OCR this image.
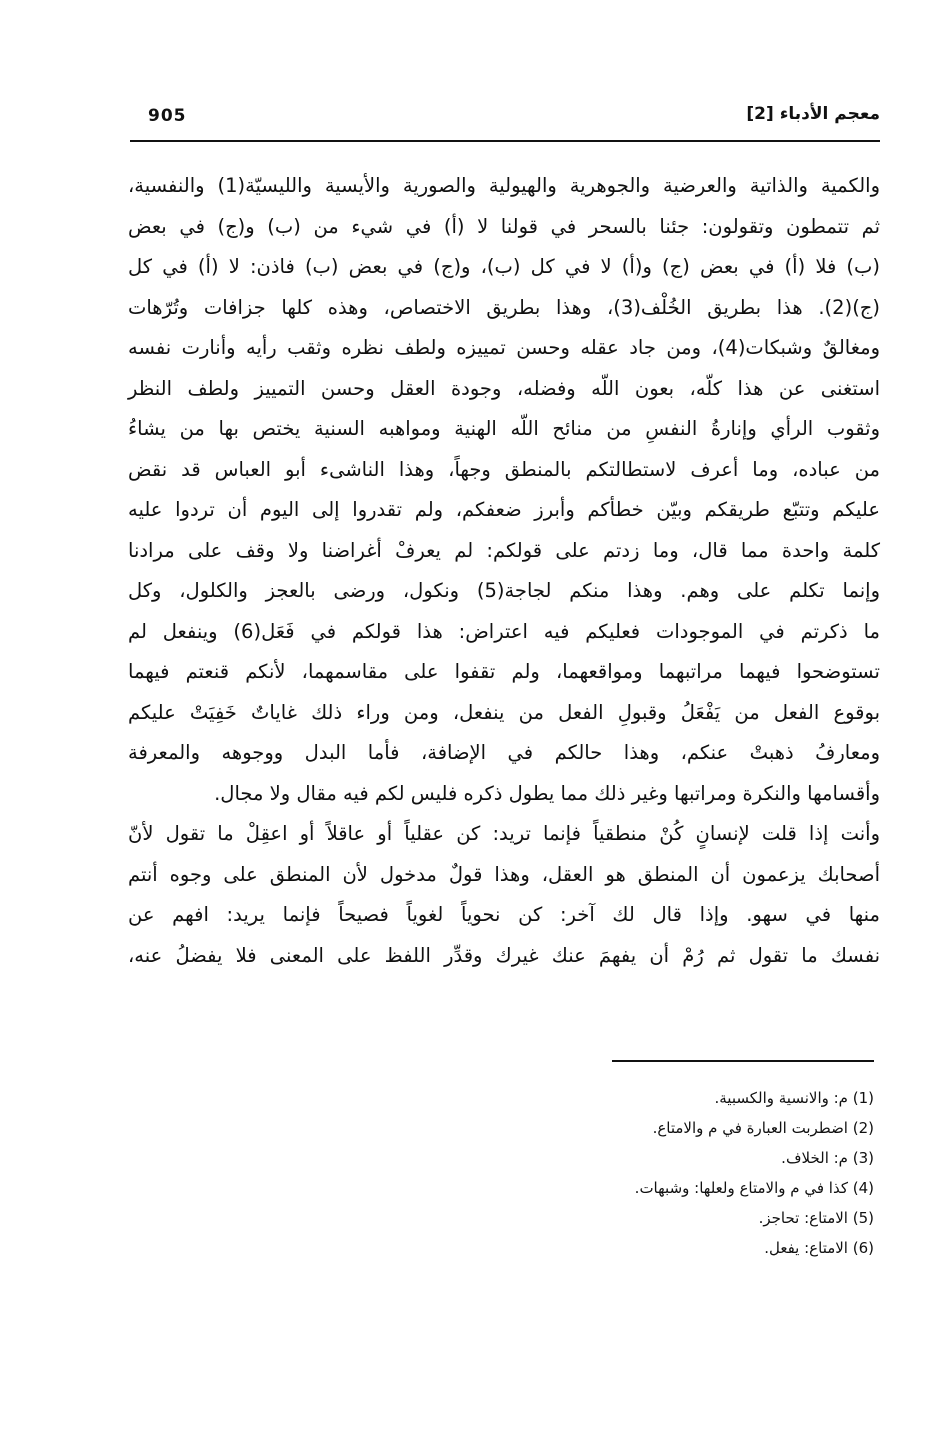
905	معجم الأدباء [2]

والكمية والذاتية والعرضية والجوهرية والهيولية والصورية والأيسية والليسيّة(1) والنفسية،

ثم تتمطون وتقولون: جئنا بالسحر في قولنا لا (أ) في شيء من (ب) و(ج) في بعض

(ب) فلا (أ) في بعض (ج) و(أ) لا في كل (ب)، و(ج) في بعض (ب) فاذن: لا (أ) في كل

(ج)(2). هذا بطريق الخُلْف(3)، وهذا بطريق الاختصاص، وهذه كلها جزافات وتُرّهات

ومغالقٌ وشبكات(4)، ومن جاد عقله وحسن تمييزه ولطف نظره وثقب رأيه وأنارت نفسه

استغنى عن هذا كلّه، بعون اللّه وفضله، وجودة العقل وحسن التمييز ولطف النظر

وثقوب الرأي وإنارةُ النفسِ من منائح اللّه الهنية ومواهبه السنية يختص بها من يشاءُ

من عباده، وما أعرف لاستطالتكم بالمنطق وجهاً، وهذا الناشىء أبو العباس قد نقض

عليكم وتتبّع طريقكم وبيّن خطأكم وأبرز ضعفكم، ولم تقدروا إلى اليوم أن تردوا عليه

كلمة واحدة مما قال، وما زدتم على قولكم: لم يعرفْ أغراضنا ولا وقف على مرادنا

وإنما تكلم على وهم. وهذا منكم لجاجة(5) ونكول، ورضى بالعجز والكلول، وكل

ما ذكرتم في الموجودات فعليكم فيه اعتراض: هذا قولكم في فَعَل(6) وينفعل لم

تستوضحوا فيهما مراتبهما ومواقعهما، ولم تقفوا على مقاسمهما، لأنكم قنعتم فيهما

بوقوع الفعل من يَفْعَلُ وقبولِ الفعل من ينفعل، ومن وراء ذلك غاياتٌ خَفِيَتْ عليكم

ومعارفُ ذهبتْ عنكم، وهذا حالكم في الإضافة، فأما البدل ووجوهه والمعرفة

وأقسامها والنكرة ومراتبها وغير ذلك مما يطول ذكره فليس لكم فيه مقال ولا مجال.

وأنت إذا قلت لإنسانٍ كُنْ منطقياً فإنما تريد: كن عقلياً أو عاقلاً أو اعقِلْ ما تقول لأنّ

أصحابك يزعمون أن المنطق هو العقل، وهذا قولٌ مدخول لأن المنطق على وجوه أنتم

منها في سهو. وإذا قال لك آخر: كن نحوياً لغوياً فصيحاً فإنما يريد: افهم عن

نفسك ما تقول ثم رُمْ أن يفهمَ عنك غيرك وقدِّر اللفظ على المعنى فلا يفضلُ عنه،

(1) م: والانسية والكسبية.

(2) اضطربت العبارة في م والامتاع.

(3) م: الخلاف.

(4) كذا في م والامتاع ولعلها: وشبهات.

(5) الامتاع: تحاجز.

(6) الامتاع: يفعل.
